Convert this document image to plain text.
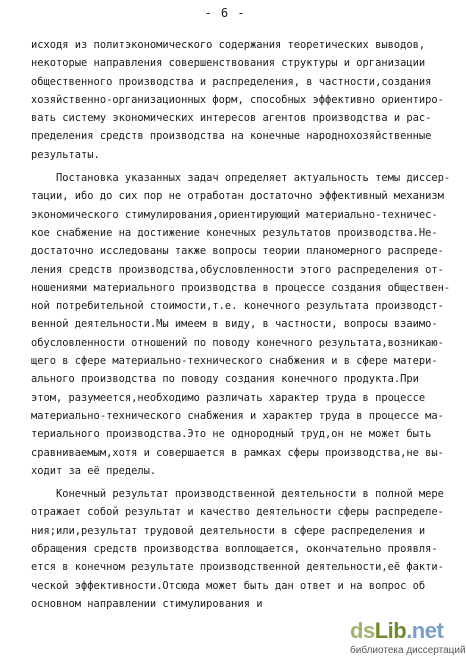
- 6 -
исходя из политэкономического содержания теоретических выводов,
некоторые направления совершенствования структуры и организации
общественного производства и распределения, в частности,создания
хозяйственно-организационных форм, способных эффективно ориентиро-
вать систему экономических интересов агентов производства и рас-
пределения средств производства на конечные народнохозяйственные
результаты.
Постановка указанных задач определяет актуальность темы диссер-
тации, ибо до сих пор не отработан достаточно эффективный механизм
экономического стимулирования,ориентирующий материально-техничес-
кое снабжение на достижение конечных результатов производства.Не-
достаточно исследованы также вопросы теории планомерного распреде-
ления средств производства,обусловленности этого распределения от-
ношениями материального производства в процессе создания обществен-
ной потребительной стоимости,т.е. конечного результата производст-
венной деятельности.Мы имеем в виду, в частности, вопросы взаимо-
обусловленности отношений по поводу конечного результата,возникаю-
щего в сфере материально-технического снабжения и в сфере матери-
ального производства по поводу создания конечного продукта.При
этом, разумеется,необходимо различать характер труда в процессе
материально-технического снабжения и характер труда в процессе ма-
териального производства.Это не однородный труд,он не может быть
сравниваемым,хотя и совершается в рамках сферы производства,не вы-
ходит за её пределы.
Конечный результат производственной деятельности в полной мере
отражает собой результат и качество деятельности сферы распределе-
ния;или,результат трудовой деятельности в сфере распределения и
обращения средств производства воплощается, окончательно проявля-
ется в конечном результате производственной деятельности,её факти-
ческой эффективности.Отсюда может быть дан ответ и на вопрос об
основном направлении стимулирования и
dsLib.net
библиотека диссертаций
